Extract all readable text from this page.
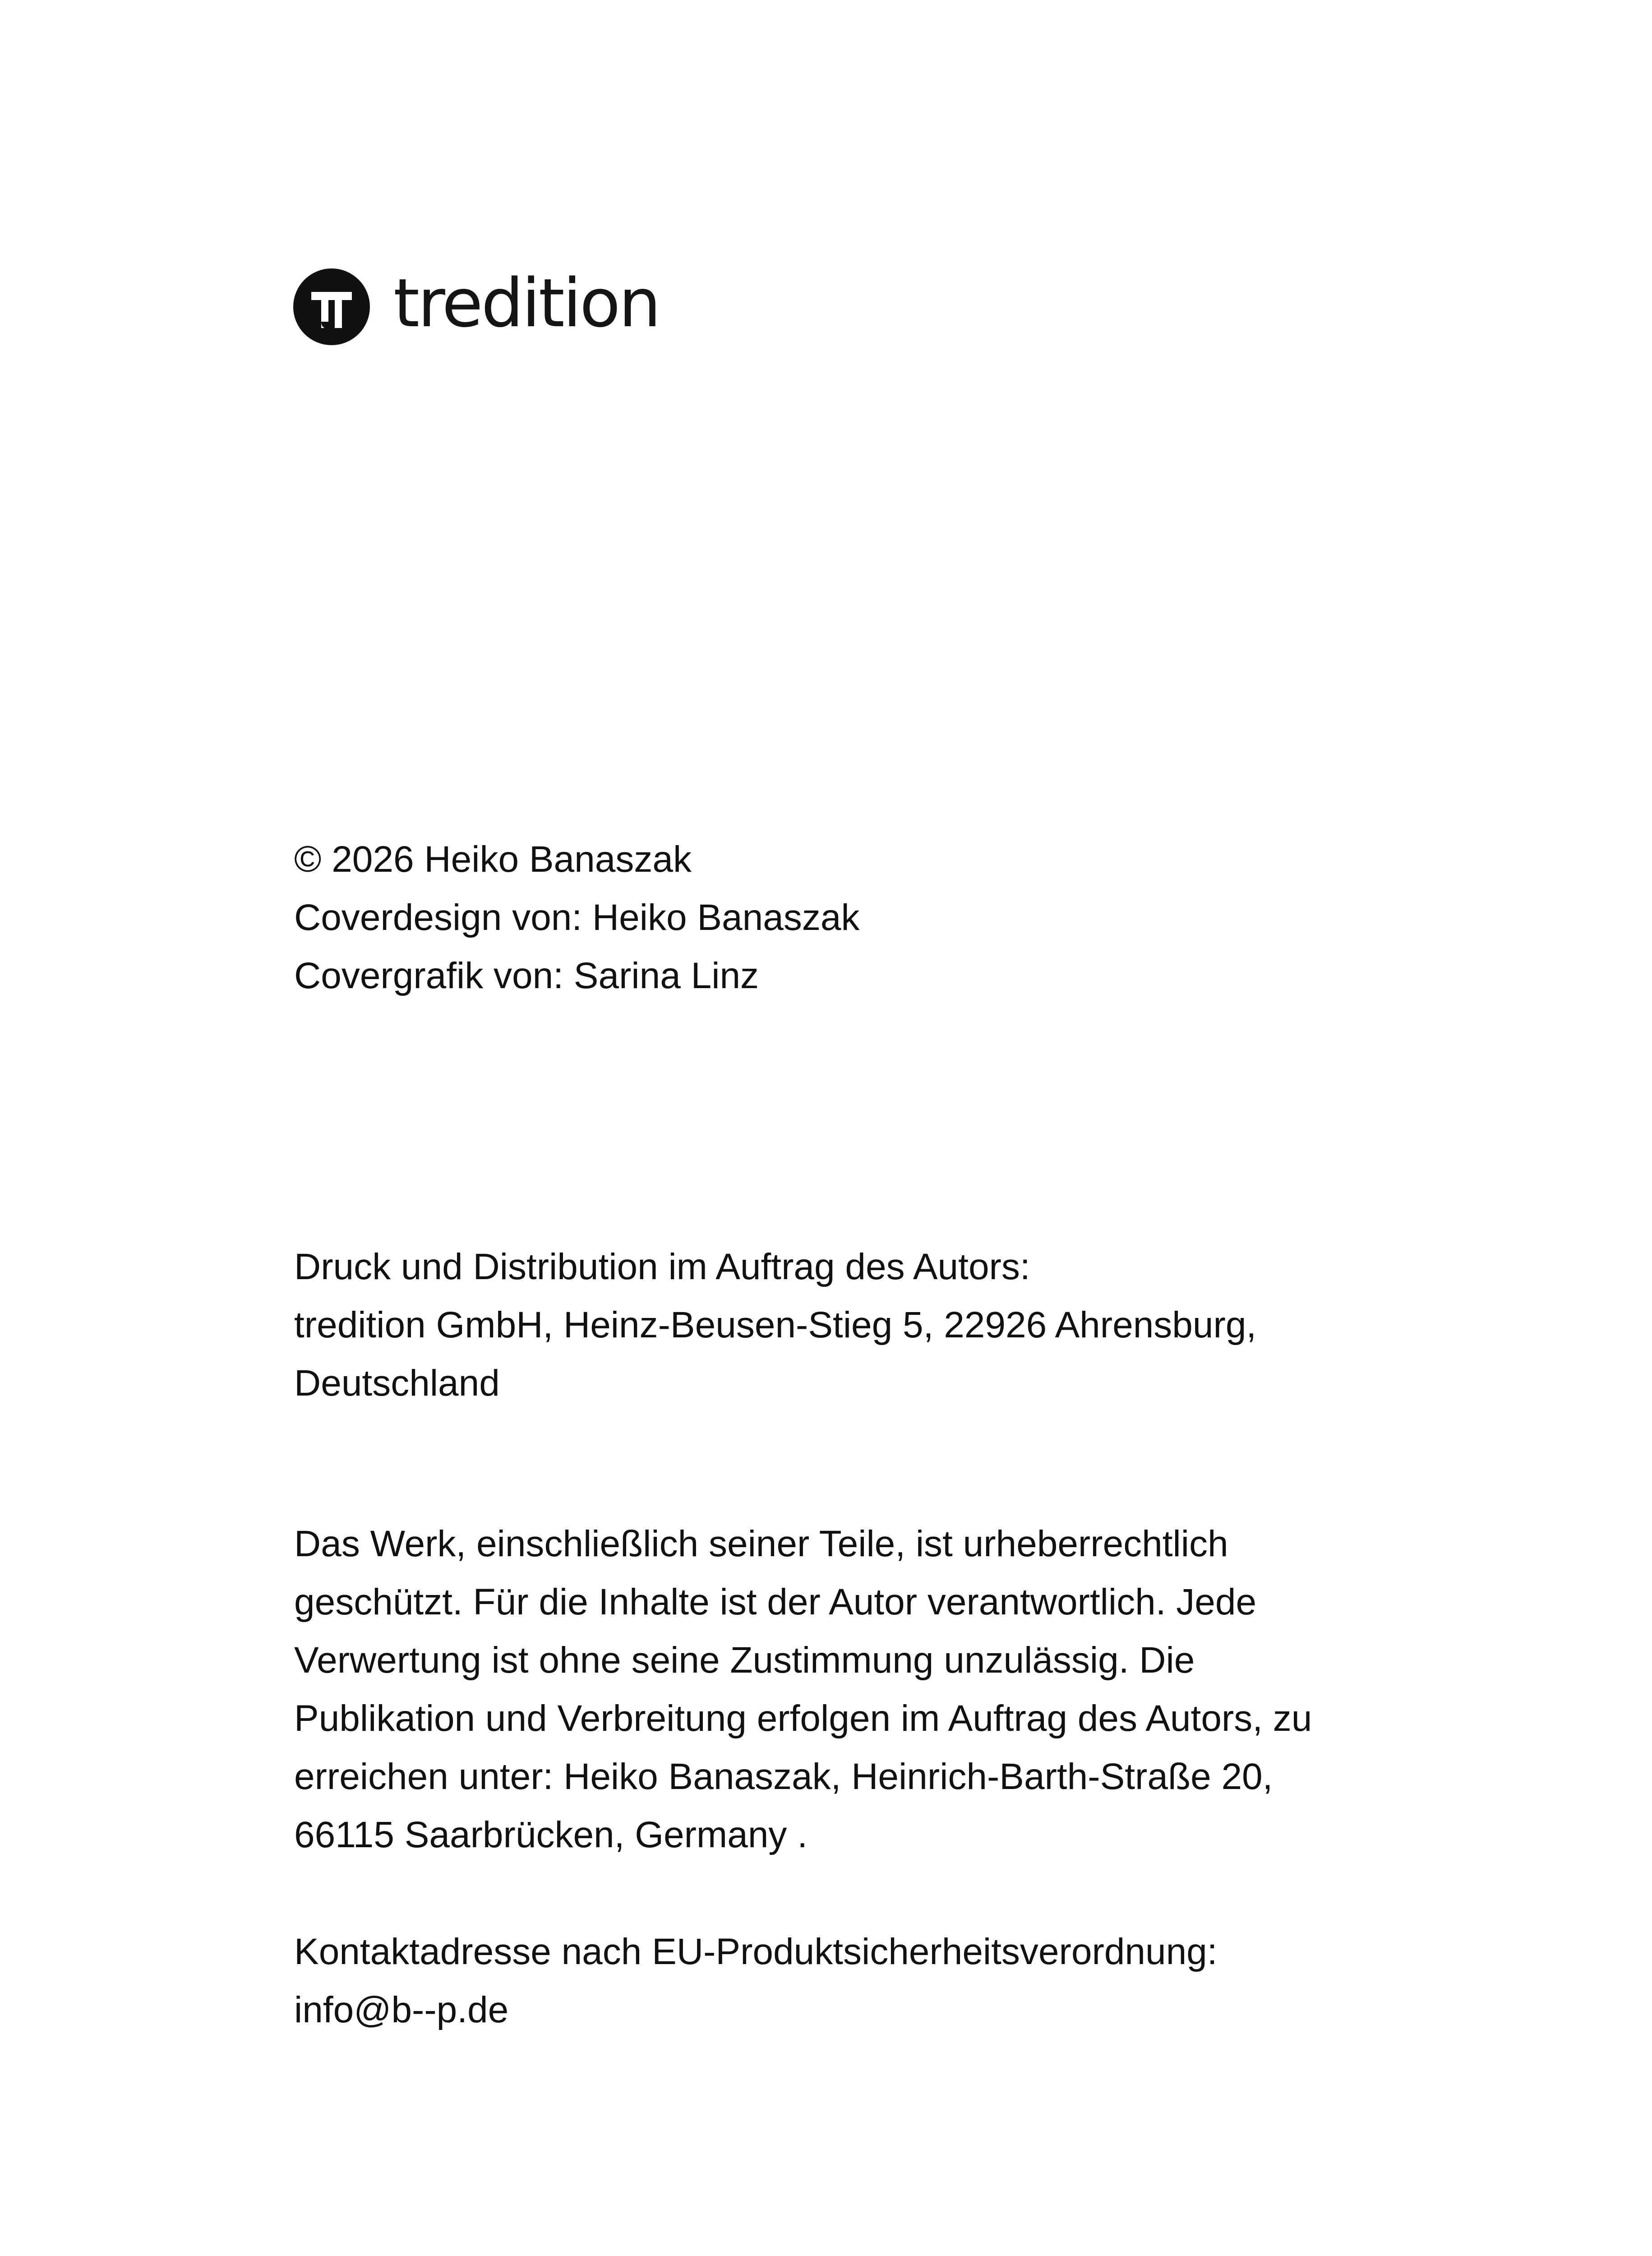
tredition

© 2026 Heiko Banaszak

Coverdesign von: Heiko Banaszak

Covergrafik von: Sarina Linz

Druck und Distribution im Auftrag des Autors:

tredition GmbH, Heinz-Beusen-Stieg 5, 22926 Ahrensburg,

Deutschland

Das Werk, einschließlich seiner Teile, ist urheberrechtlich

geschützt. Für die Inhalte ist der Autor verantwortlich. Jede

Verwertung ist ohne seine Zustimmung unzulässig. Die

Publikation und Verbreitung erfolgen im Auftrag des Autors, zu

erreichen unter: Heiko Banaszak, Heinrich-Barth-Straße 20,

66115 Saarbrücken, Germany .

Kontaktadresse nach EU-Produktsicherheitsverordnung:

info@b--p.de
